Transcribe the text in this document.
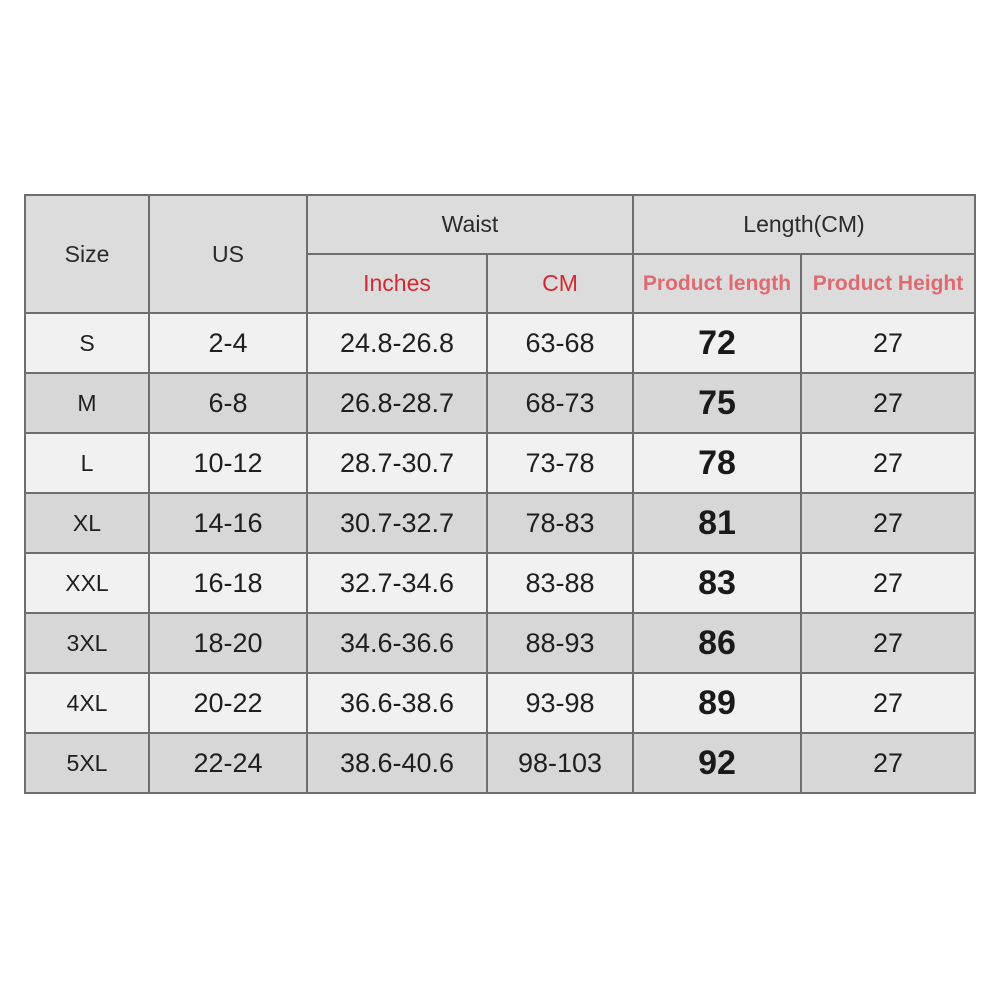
Size	US	Waist		Length(CM)	
		Inches	CM	Product length	Product Height
S	2-4	24.8-26.8	63-68	72	27
M	6-8	26.8-28.7	68-73	75	27
L	10-12	28.7-30.7	73-78	78	27
XL	14-16	30.7-32.7	78-83	81	27
XXL	16-18	32.7-34.6	83-88	83	27
3XL	18-20	34.6-36.6	88-93	86	27
4XL	20-22	36.6-38.6	93-98	89	27
5XL	22-24	38.6-40.6	98-103	92	27
